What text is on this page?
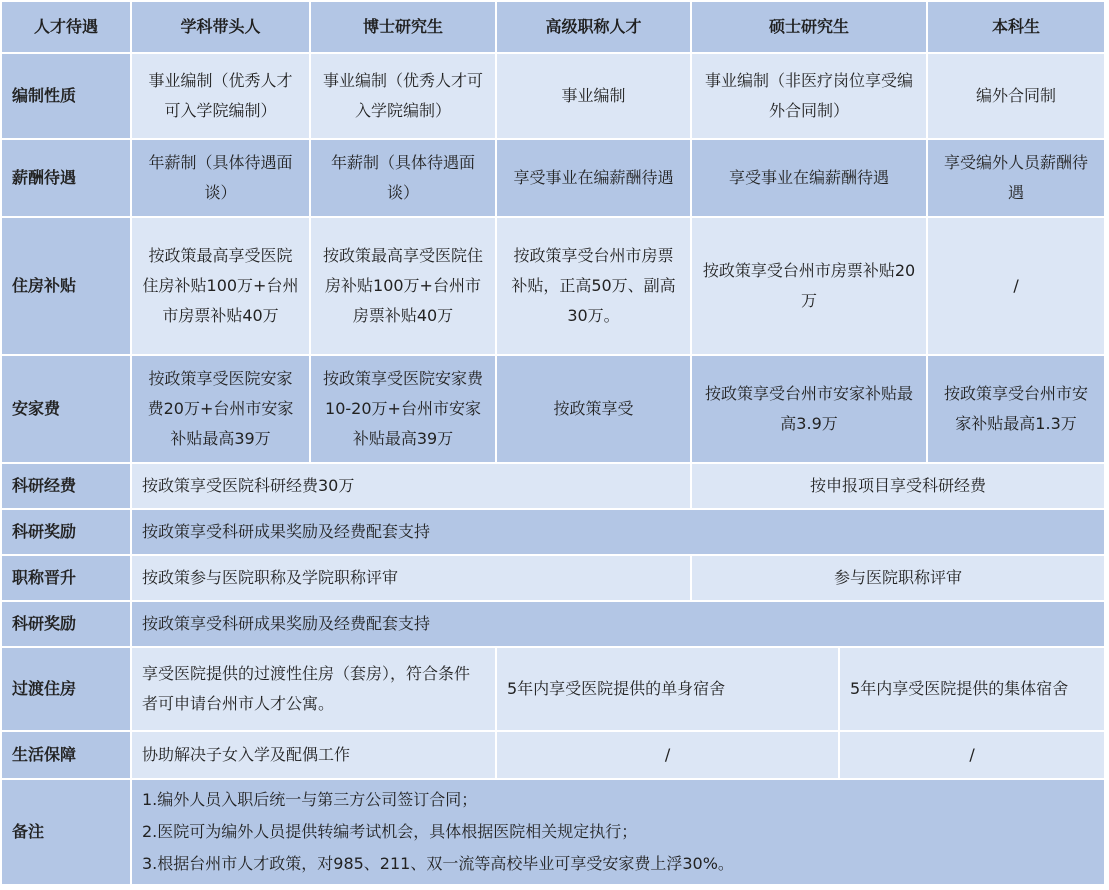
人才待遇	学科带头人	博士研究生	高级职称人才	硕士研究生		本科生
编制性质	事业编制（优秀人才可入学院编制）	事业编制（优秀人才可入学院编制）	事业编制	事业编制（非医疗岗位享受编外合同制）		编外合同制
薪酬待遇	年薪制（具体待遇面谈）	年薪制（具体待遇面谈）	享受事业在编薪酬待遇	享受事业在编薪酬待遇		享受编外人员薪酬待遇
住房补贴	按政策最高享受医院住房补贴100万+台州市房票补贴40万	按政策最高享受医院住房补贴100万+台州市房票补贴40万	按政策享受台州市房票补贴，正高50万、副高30万。	按政策享受台州市房票补贴20万		/
安家费	按政策享受医院安家费20万+台州市安家补贴最高39万	按政策享受医院安家费10-20万+台州市安家补贴最高39万	按政策享受	按政策享受台州市安家补贴最高3.9万		按政策享受台州市安家补贴最高1.3万
科研经费	按政策享受医院科研经费30万			按申报项目享受科研经费		
科研奖励	按政策享受科研成果奖励及经费配套支持					
职称晋升	按政策参与医院职称及学院职称评审			参与医院职称评审		
科研奖励	按政策享受科研成果奖励及经费配套支持					
过渡住房	享受医院提供的过渡性住房（套房），符合条件者可申请台州市人才公寓。		5年内享受医院提供的单身宿舍		5年内享受医院提供的集体宿舍	
生活保障	协助解决子女入学及配偶工作		/		/	
备注	1.编外人员入职后统一与第三方公司签订合同；
2.医院可为编外人员提供转编考试机会，具体根据医院相关规定执行；
3.根据台州市人才政策，对985、211、双一流等高校毕业可享受安家费上浮30%。					
